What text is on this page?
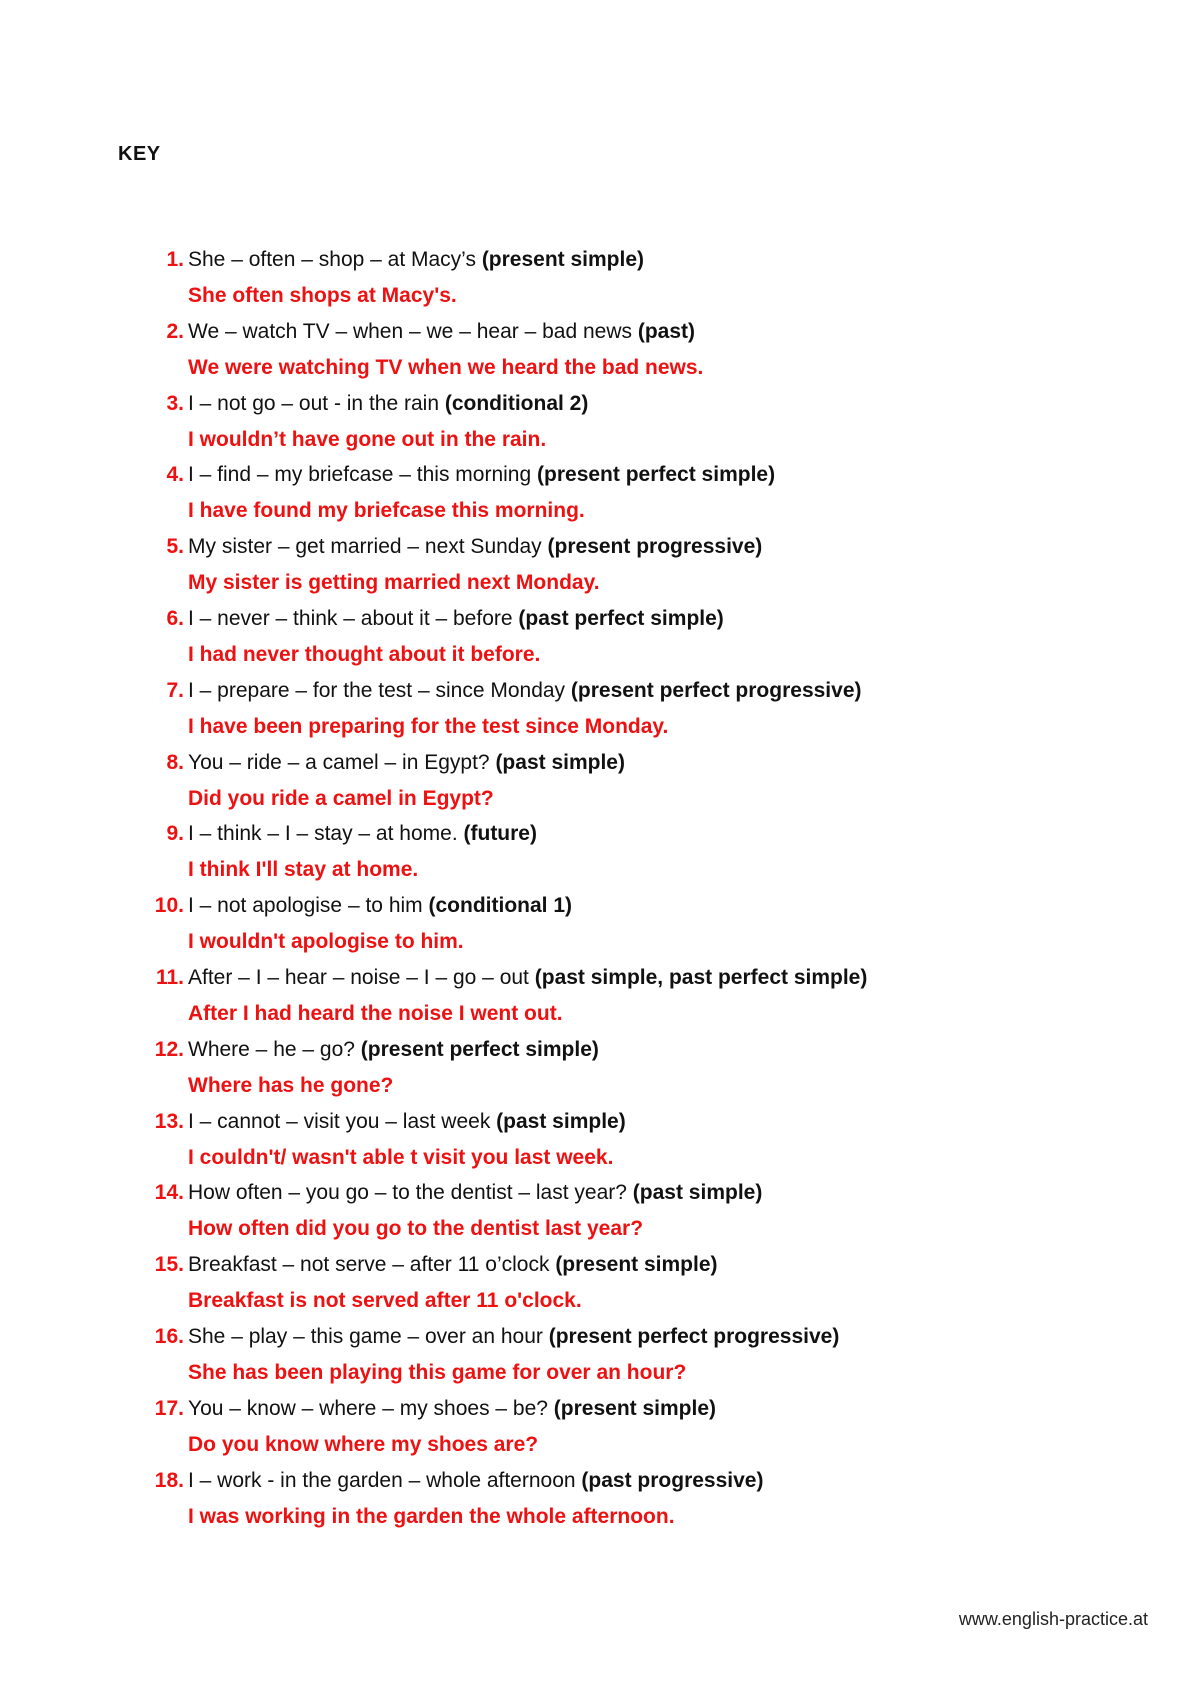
KEY
1. She – often – shop – at Macy’s (present simple)
She often shops at Macy's.
2. We – watch TV – when – we – hear – bad news (past)
We were watching TV when we heard the bad news.
3. I – not go – out - in the rain (conditional 2)
I wouldn’t have gone out in the rain.
4. I – find – my briefcase – this morning (present perfect simple)
I have found my briefcase this morning.
5. My sister – get married – next Sunday (present progressive)
My sister is getting married next Monday.
6. I – never – think – about it – before (past perfect simple)
I had never thought about it before.
7. I – prepare – for the test – since Monday (present perfect progressive)
I have been preparing for the test since Monday.
8. You – ride – a camel – in Egypt? (past simple)
Did you ride a camel in Egypt?
9. I – think – I – stay – at home. (future)
I think I'll stay at home.
10. I – not apologise – to him (conditional 1)
I wouldn't apologise to him.
11. After – I – hear – noise – I – go – out (past simple, past perfect simple)
After I had heard the noise I went out.
12. Where – he – go? (present perfect simple)
Where has he gone?
13. I – cannot – visit you – last week (past simple)
I couldn't/ wasn't able t visit you last week.
14. How often – you go – to the dentist – last year? (past simple)
How often did you go to the dentist last year?
15. Breakfast – not serve – after 11 o’clock (present simple)
Breakfast is not served after 11 o'clock.
16. She – play – this game – over an hour (present perfect progressive)
She has been playing this game for over an hour?
17. You – know – where – my shoes – be? (present simple)
Do you know where my shoes are?
18. I – work - in the garden – whole afternoon (past progressive)
I was working in the garden the whole afternoon.
www.english-practice.at
